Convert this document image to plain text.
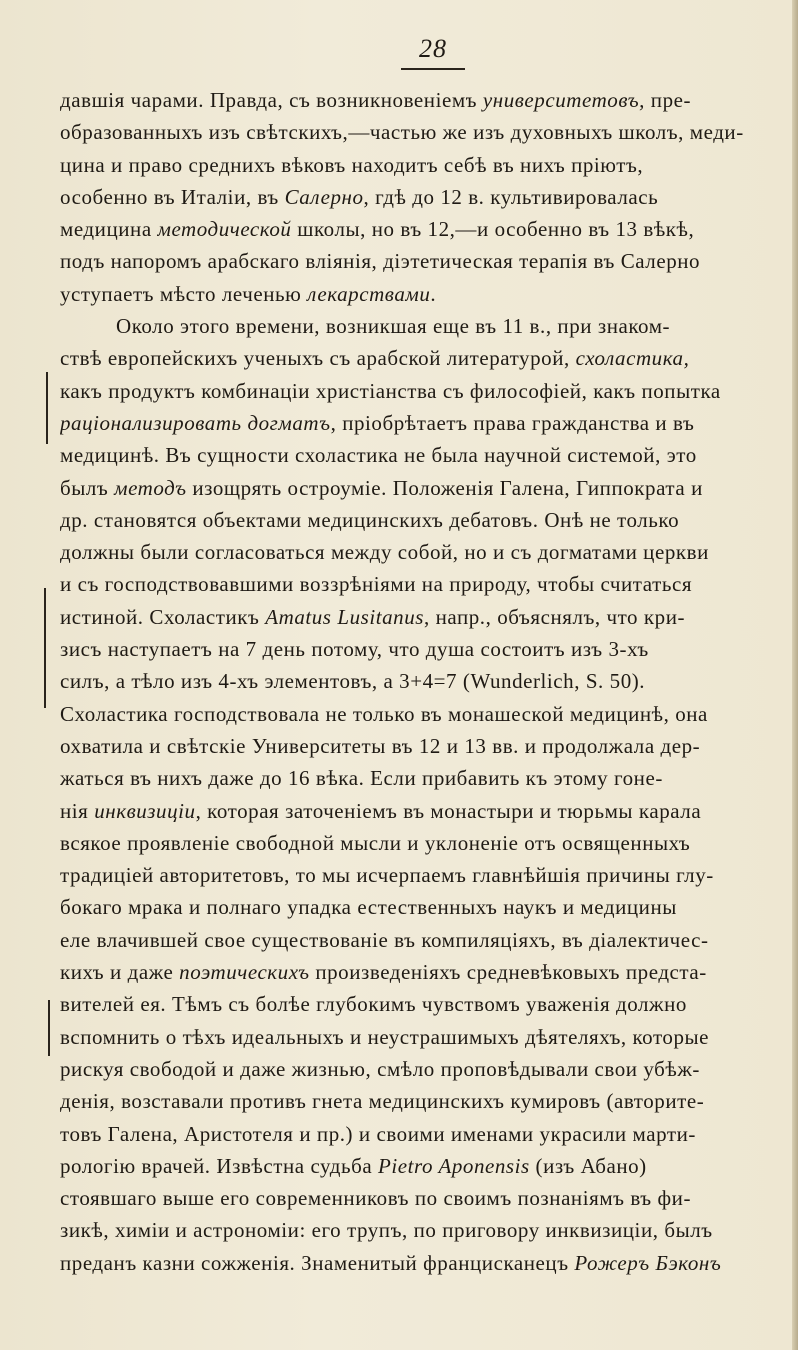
28
давшія чарами. Правда, съ возникновеніемъ университетовъ, пре-
образованныхъ изъ свѣтскихъ,—частью же изъ духовныхъ школъ, меди-
цина и право среднихъ вѣковъ находитъ себѣ въ нихъ пріютъ,
особенно въ Италіи, въ Салерно, гдѣ до 12 в. культивировалась
медицина методической школы, но въ 12,—и особенно въ 13 вѣкѣ,
подъ напоромъ арабскаго вліянія, діэтетическая терапія въ Салерно
уступаетъ мѣсто леченью лекарствами.
Около этого времени, возникшая еще въ 11 в., при знаком-
ствѣ европейскихъ ученыхъ съ арабской литературой, схоластика,
какъ продуктъ комбинаціи христіанства съ философіей, какъ попытка
раціонализировать догматъ, пріобрѣтаетъ права гражданства и въ
медицинѣ. Въ сущности схоластика не была научной системой, это
былъ методъ изощрять остроуміе. Положенія Галена, Гиппократа и
др. становятся объектами медицинскихъ дебатовъ. Онѣ не только
должны были согласоваться между собой, но и съ догматами церкви
и съ господствовавшими воззрѣніями на природу, чтобы считаться
истиной. Схоластикъ Amatus Lusitanus, напр., объяснялъ, что кри-
зисъ наступаетъ на 7 день потому, что душа состоитъ изъ 3-хъ
силъ, а тѣло изъ 4-хъ элементовъ, а 3+4=7 (Wunderlich, S. 50).
Схоластика господствовала не только въ монашеской медицинѣ, она
охватила и свѣтскіе Университеты въ 12 и 13 вв. и продолжала дер-
жаться въ нихъ даже до 16 вѣка. Если прибавить къ этому гоне-
нія инквизиціи, которая заточеніемъ въ монастыри и тюрьмы карала
всякое проявленіе свободной мысли и уклоненіе отъ освященныхъ
традиціей авторитетовъ, то мы исчерпаемъ главнѣйшія причины глу-
бокаго мрака и полнаго упадка естественныхъ наукъ и медицины
еле влачившей свое существованіе въ компиляціяхъ, въ діалектичес-
кихъ и даже поэтическихъ произведеніяхъ средневѣковыхъ предста-
вителей ея. Тѣмъ съ болѣе глубокимъ чувствомъ уваженія должно
вспомнить о тѣхъ идеальныхъ и неустрашимыхъ дѣятеляхъ, которые
рискуя свободой и даже жизнью, смѣло проповѣдывали свои убѣж-
денія, возставали противъ гнета медицинскихъ кумировъ (авторите-
товъ Галена, Аристотеля и пр.) и своими именами украсили марти-
рологію врачей. Извѣстна судьба Pietro Aponensis (изъ Абано)
стоявшаго выше его современниковъ по своимъ познаніямъ въ фи-
зикѣ, химіи и астрономіи: его трупъ, по приговору инквизиціи, былъ
преданъ казни сожженія. Знаменитый францисканецъ Рожеръ Бэконъ
